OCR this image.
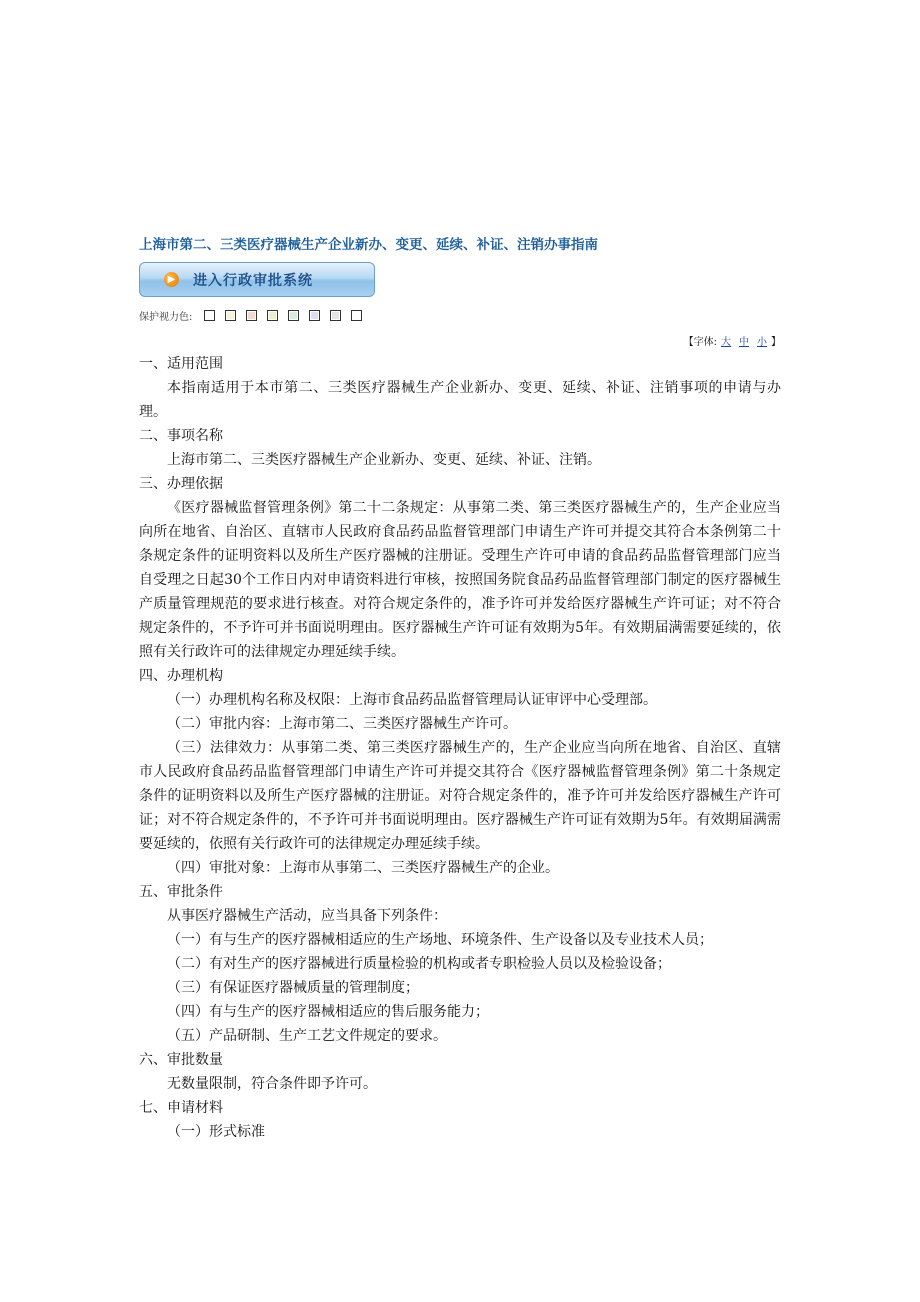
上海市第二、三类医疗器械生产企业新办、变更、延续、补证、注销办事指南
▶ 进入行政审批系统
保护视力色:
【字体: 大 中 小 】

一、适用范围

本指南适用于本市第二、三类医疗器械生产企业新办、变更、延续、补证、注销事项的申请与办理。

二、事项名称

上海市第二、三类医疗器械生产企业新办、变更、延续、补证、注销。

三、办理依据

《医疗器械监督管理条例》第二十二条规定：从事第二类、第三类医疗器械生产的，生产企业应当向所在地省、自治区、直辖市人民政府食品药品监督管理部门申请生产许可并提交其符合本条例第二十条规定条件的证明资料以及所生产医疗器械的注册证。受理生产许可申请的食品药品监督管理部门应当自受理之日起30个工作日内对申请资料进行审核，按照国务院食品药品监督管理部门制定的医疗器械生产质量管理规范的要求进行核查。对符合规定条件的，准予许可并发给医疗器械生产许可证；对不符合规定条件的，不予许可并书面说明理由。医疗器械生产许可证有效期为5年。有效期届满需要延续的，依照有关行政许可的法律规定办理延续手续。

四、办理机构

（一）办理机构名称及权限：上海市食品药品监督管理局认证审评中心受理部。

（二）审批内容：上海市第二、三类医疗器械生产许可。

（三）法律效力：从事第二类、第三类医疗器械生产的，生产企业应当向所在地省、自治区、直辖市人民政府食品药品监督管理部门申请生产许可并提交其符合《医疗器械监督管理条例》第二十条规定条件的证明资料以及所生产医疗器械的注册证。对符合规定条件的，准予许可并发给医疗器械生产许可证；对不符合规定条件的，不予许可并书面说明理由。医疗器械生产许可证有效期为5年。有效期届满需要延续的，依照有关行政许可的法律规定办理延续手续。

（四）审批对象：上海市从事第二、三类医疗器械生产的企业。

五、审批条件

从事医疗器械生产活动，应当具备下列条件：

（一）有与生产的医疗器械相适应的生产场地、环境条件、生产设备以及专业技术人员；

（二）有对生产的医疗器械进行质量检验的机构或者专职检验人员以及检验设备；

（三）有保证医疗器械质量的管理制度；

（四）有与生产的医疗器械相适应的售后服务能力；

（五）产品研制、生产工艺文件规定的要求。

六、审批数量

无数量限制，符合条件即予许可。

七、申请材料

（一）形式标准
